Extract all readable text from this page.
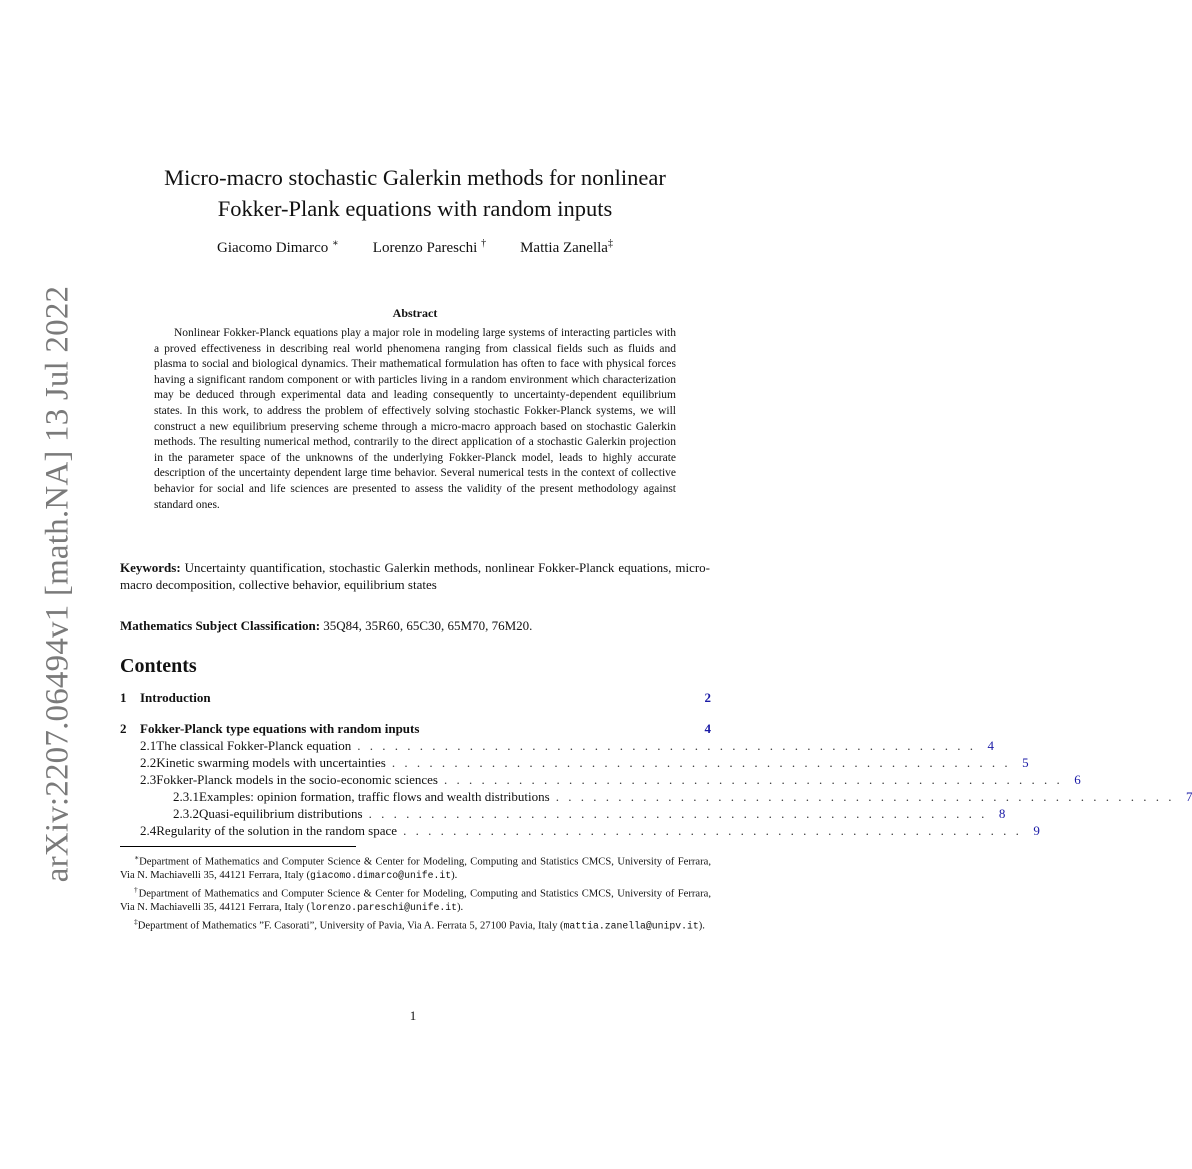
arXiv:2207.06494v1 [math.NA] 13 Jul 2022
Micro-macro stochastic Galerkin methods for nonlinear
Fokker-Plank equations with random inputs
Giacomo Dimarco ∗ Lorenzo Pareschi † Mattia Zanella‡
Abstract
Nonlinear Fokker-Planck equations play a major role in modeling large systems of interacting particles with a proved effectiveness in describing real world phenomena ranging from classical fields such as fluids and plasma to social and biological dynamics. Their mathematical formulation has often to face with physical forces having a significant random component or with particles living in a random environment which characterization may be deduced through experimental data and leading consequently to uncertainty-dependent equilibrium states. In this work, to address the problem of effectively solving stochastic Fokker-Planck systems, we will construct a new equilibrium preserving scheme through a micro-macro approach based on stochastic Galerkin methods. The resulting numerical method, contrarily to the direct application of a stochastic Galerkin projection in the parameter space of the unknowns of the underlying Fokker-Planck model, leads to highly accurate description of the uncertainty dependent large time behavior. Several numerical tests in the context of collective behavior for social and life sciences are presented to assess the validity of the present methodology against standard ones.
Keywords: Uncertainty quantification, stochastic Galerkin methods, nonlinear Fokker-Planck equations, micro-macro decomposition, collective behavior, equilibrium states
Mathematics Subject Classification: 35Q84, 35R60, 65C30, 65M70, 76M20.
Contents
1	Introduction	2
2	Fokker-Planck type equations with random inputs	4
2.1 The classical Fokker-Planck equation . . . . . . . . . . . . . . . . . . . . . . . . . . . . . . . . . . . . . . . . . . . . . . . . . . 4
2.2 Kinetic swarming models with uncertainties . . . . . . . . . . . . . . . . . . . . . . . . . . . . . . . . . . . . . . . . . . . . . . . . . . 5
2.3 Fokker-Planck models in the socio-economic sciences . . . . . . . . . . . . . . . . . . . . . . . . . . . . . . . . . . . . . . . . . . . . . . . . . . 6
2.3.1 Examples: opinion formation, traffic flows and wealth distributions . . . . . . . . . . . . . . . . . . . . . . . . . . . . . . . . . . . . . . . . . . . . . . . . . . 7
2.3.2 Quasi-equilibrium distributions . . . . . . . . . . . . . . . . . . . . . . . . . . . . . . . . . . . . . . . . . . . . . . . . . . 8
2.4 Regularity of the solution in the random space . . . . . . . . . . . . . . . . . . . . . . . . . . . . . . . . . . . . . . . . . . . . . . . . . . 9
∗Department of Mathematics and Computer Science & Center for Modeling, Computing and Statistics CMCS, University of Ferrara, Via N. Machiavelli 35, 44121 Ferrara, Italy (giacomo.dimarco@unife.it).
†Department of Mathematics and Computer Science & Center for Modeling, Computing and Statistics CMCS, University of Ferrara, Via N. Machiavelli 35, 44121 Ferrara, Italy (lorenzo.pareschi@unife.it).
‡Department of Mathematics ”F. Casorati”, University of Pavia, Via A. Ferrata 5, 27100 Pavia, Italy (mattia.zanella@unipv.it).
1
